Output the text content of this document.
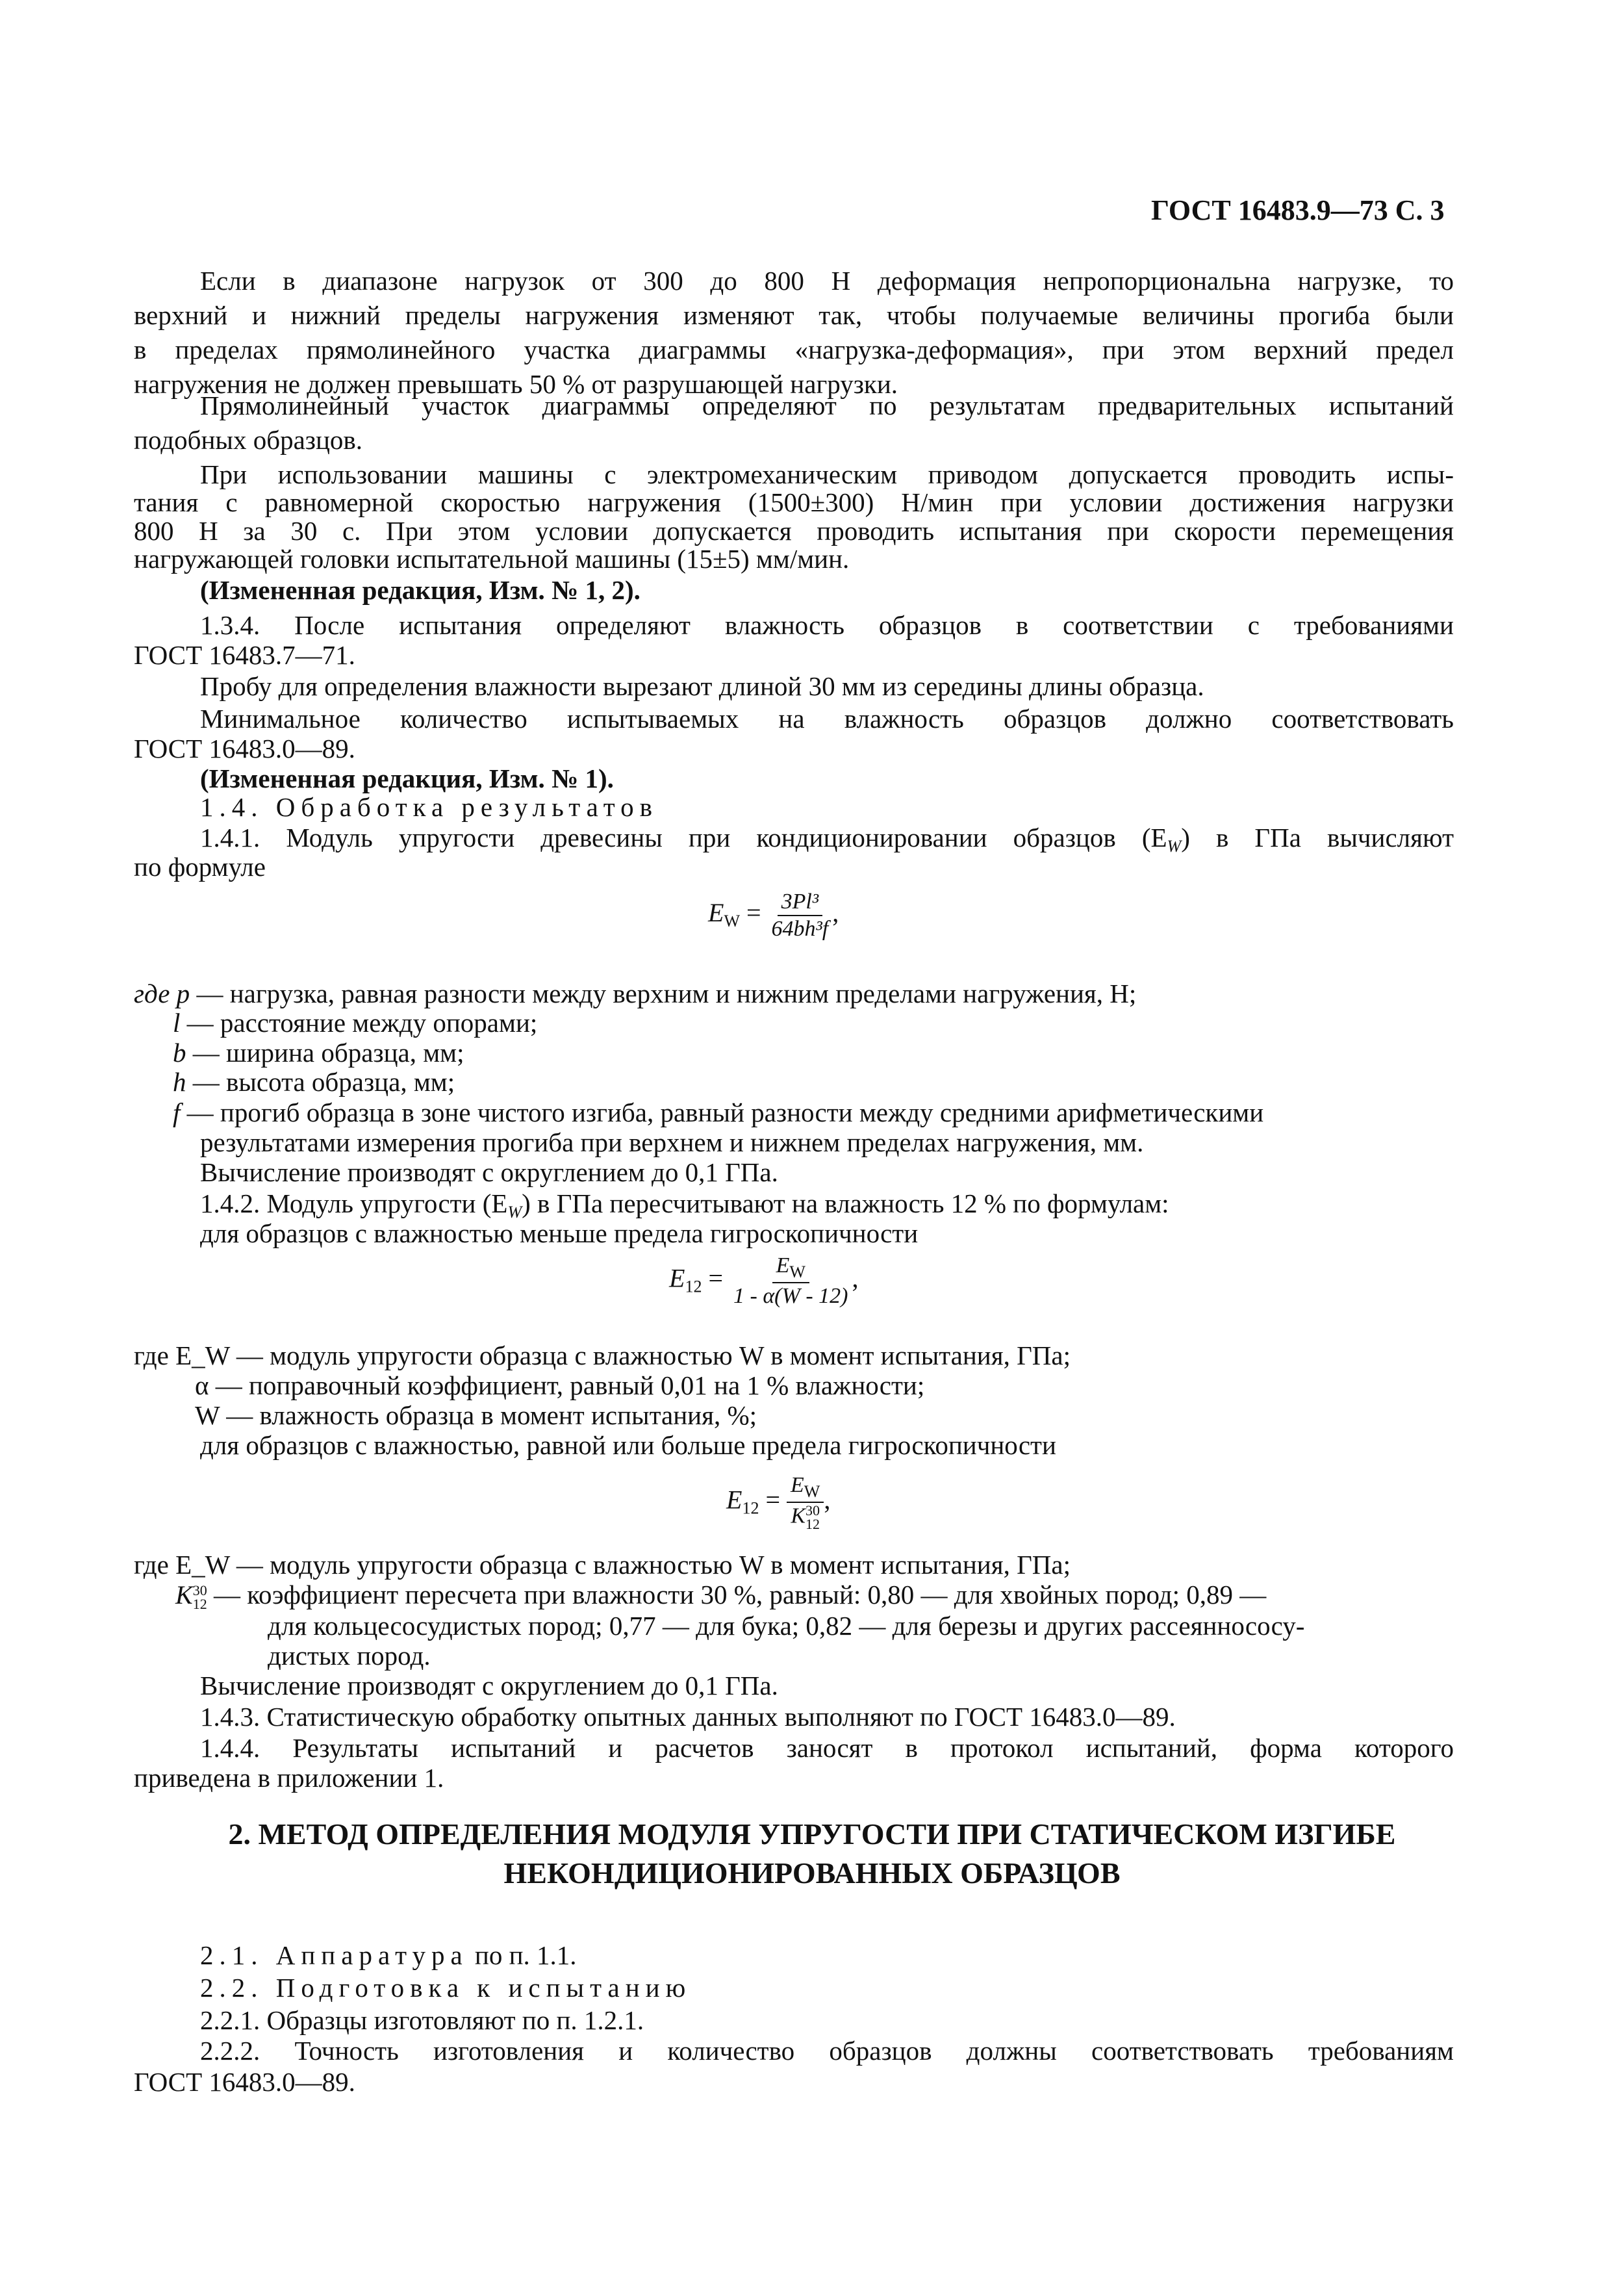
ГОСТ 16483.9—73 С. 3
Если в диапазоне нагрузок от 300 до 800 Н деформация непропорциональна нагрузке, то
верхний и нижний пределы нагружения изменяют так, чтобы получаемые величины прогиба были
в пределах прямолинейного участка диаграммы «нагрузка-деформация», при этом верхний предел
нагружения не должен превышать 50 % от разрушающей нагрузки.
Прямолинейный участок диаграммы определяют по результатам предварительных испытаний
подобных образцов.
При использовании машины с электромеханическим приводом допускается проводить испы-
тания с равномерной скоростью нагружения (1500±300) Н/мин при условии достижения нагрузки
800 Н за 30 с. При этом условии допускается проводить испытания при скорости перемещения
нагружающей головки испытательной машины (15±5) мм/мин.
(Измененная редакция, Изм. № 1, 2).
1.3.4. После испытания определяют влажность образцов в соответствии с требованиями
ГОСТ 16483.7—71.
Пробу для определения влажности вырезают длиной 30 мм из середины длины образца.
Минимальное количество испытываемых на влажность образцов должно соответствовать
ГОСТ 16483.0—89.
(Измененная редакция, Изм. № 1).
1.4. Обработка результатов
1.4.1. Модуль упругости древесины при кондиционировании образцов $(E_W)$ в ГПа вычисляют
по формуле
$E_W = \frac{\text{3Pl³}}{\text{64bh³f}}$ ,
где p — нагрузка, равная разности между верхним и нижним пределами нагружения, Н;
l — расстояние между опорами;
b — ширина образца, мм;
h — высота образца, мм;
f — прогиб образца в зоне чистого изгиба, равный разности между средними арифметическими
результатами измерения прогиба при верхнем и нижнем пределах нагружения, мм.
Вычисление производят с округлением до 0,1 ГПа.
1.4.2. Модуль упругости $(E_W)$ в ГПа пересчитывают на влажность 12 % по формулам:
для образцов с влажностью меньше предела гигроскопичности
$E_{12} = \frac{E_W}{1 - \alpha(W - 12)}$ ,
где E_W — модуль упругости образца с влажностью W в момент испытания, ГПа;
α — поправочный коэффициент, равный 0,01 на 1 % влажности;
W — влажность образца в момент испытания, %;
для образцов с влажностью, равной или больше предела гигроскопичности
$E_{12} = E_W$
K 30
12 ,
где E_W — модуль упругости образца с влажностью W в момент испытания, ГПа;
K 30
12 — коэффициент пересчета при влажности 30 %, равный: 0,80 — для хвойных пород; 0,89 —
для кольцесосудистых пород; 0,77 — для бука; 0,82 — для березы и других рассеяннососу-
дистых пород.
Вычисление производят с округлением до 0,1 ГПа.
1.4.3. Статистическую обработку опытных данных выполняют по ГОСТ 16483.0—89.
1.4.4. Результаты испытаний и расчетов заносят в протокол испытаний, форма которого
приведена в приложении 1.
2. МЕТОД ОПРЕДЕЛЕНИЯ МОДУЛЯ УПРУГОСТИ ПРИ СТАТИЧЕСКОМ ИЗГИБЕ
НЕКОНДИЦИОНИРОВАННЫХ ОБРАЗЦОВ
2.1. Аппаратура по п. 1.1.
2.2. Подготовка к испытанию
2.2.1. Образцы изготовляют по п. 1.2.1.
2.2.2. Точность изготовления и количество образцов должны соответствовать требованиям
ГОСТ 16483.0—89.
